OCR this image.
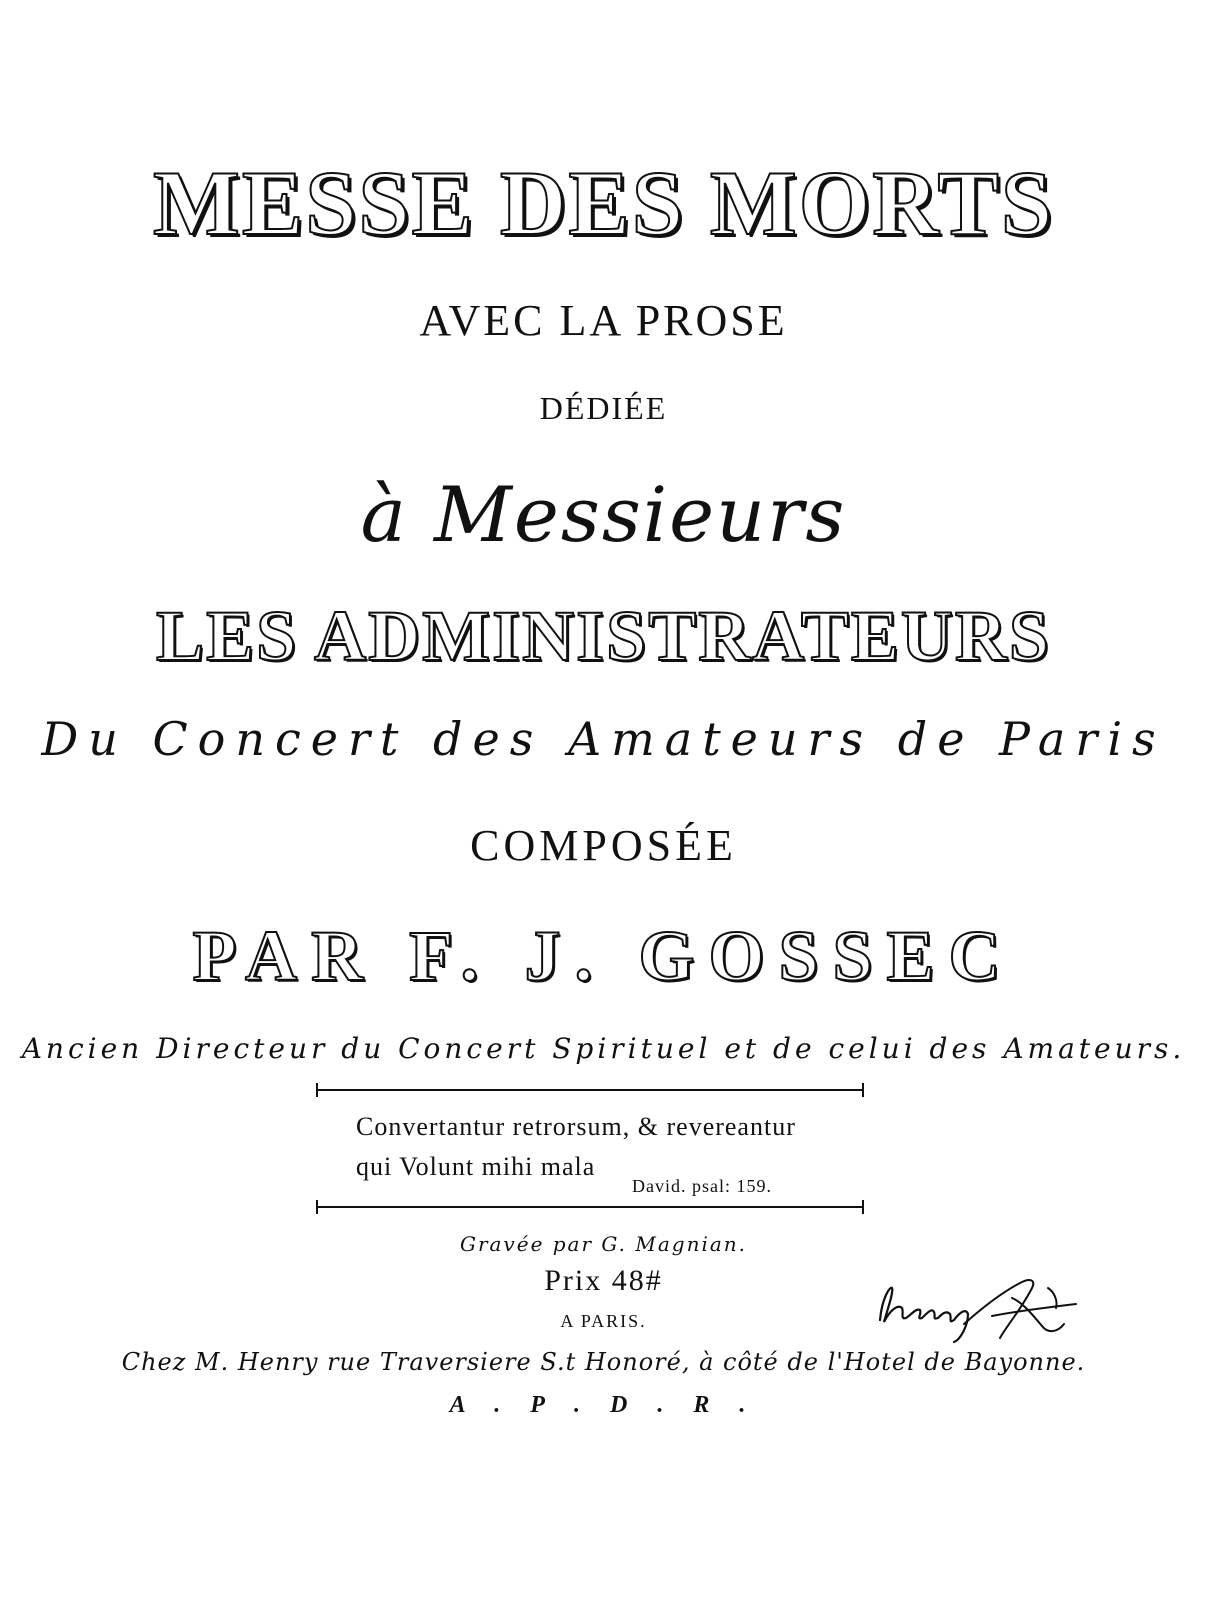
MESSE DES MORTS
AVEC LA PROSE
DÉDIÉE
à Messieurs
LES ADMINISTRATEURS
Du Concert des Amateurs de Paris
COMPOSÉE
PAR F. J. GOSSEC
Ancien Directeur du Concert Spirituel et de celui des Amateurs.
Convertantur retrorsum, & revereantur
qui Volunt mihi mala
David. psal: 159.
Gravée par G. Magnian.
Prix 48#
A PARIS.
Chez M. Henry rue Traversiere S.t Honoré, à côté de l'Hotel de Bayonne.
A . P . D . R .
